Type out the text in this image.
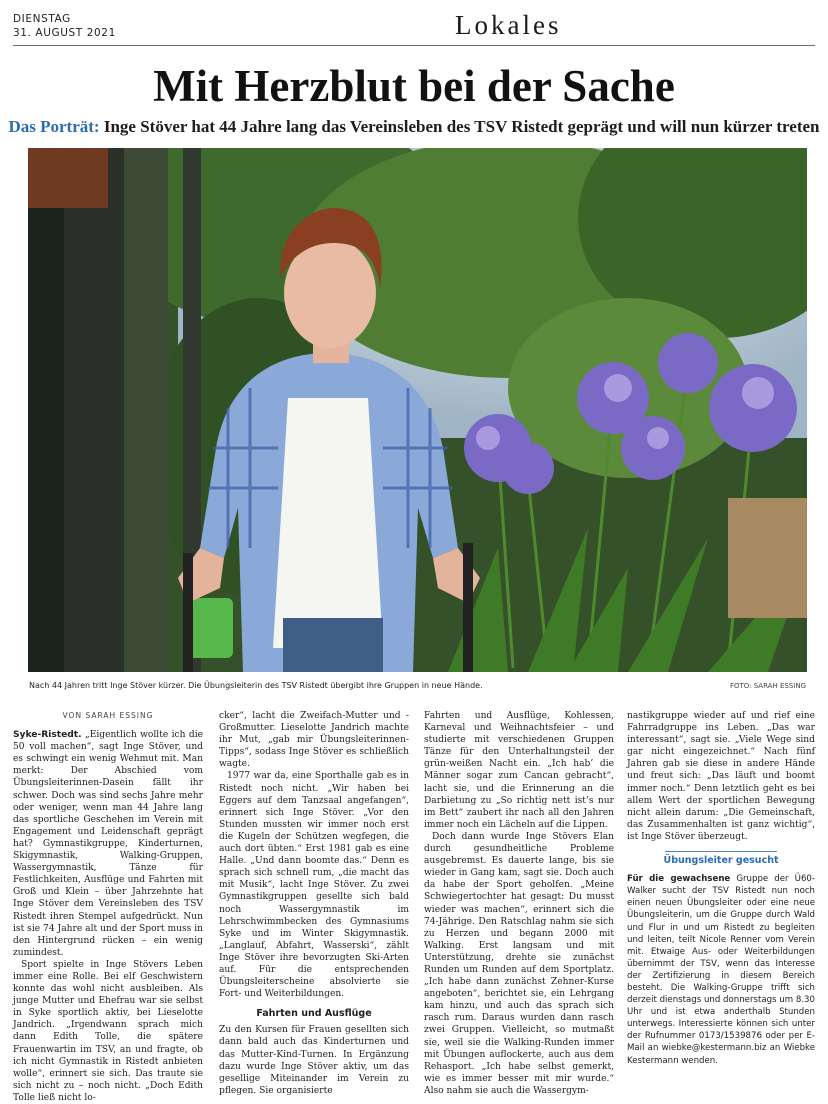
DIENSTAG
31. AUGUST 2021	Lokales
Mit Herzblut bei der Sache
Das Porträt: Inge Stöver hat 44 Jahre lang das Vereinsleben des TSV Ristedt geprägt und will nun kürzer treten
Nach 44 Jahren tritt Inge Stöver kürzer. Die Übungsleiterin des TSV Ristedt übergibt ihre Gruppen in neue Hände.	FOTO: SARAH ESSING

VON SARAH ESSING

Syke-Ristedt. „Eigentlich wollte ich die 50 voll machen“, sagt Inge Stöver, und es schwingt ein wenig Wehmut mit. Man merkt: Der Abschied vom Übungsleiterinnen-Dasein fällt ihr schwer. Doch was sind sechs Jahre mehr oder weniger, wenn man 44 Jahre lang das sportliche Geschehen im Verein mit Engagement und Leidenschaft geprägt hat? Gymnastikgruppe, Kinderturnen, Skigymnastik, Walking-Gruppen, Wassergymnastik, Tänze für Festlichkeiten, Ausflüge und Fahrten mit Groß und Klein – über Jahrzehnte hat Inge Stöver dem Vereinsleben des TSV Ristedt ihren Stempel aufgedrückt. Nun ist sie 74 Jahre alt und der Sport muss in den Hintergrund rücken – ein wenig zumindest.

Sport spielte in Inge Stövers Leben immer eine Rolle. Bei elf Geschwistern konnte das wohl nicht ausbleiben. Als junge Mutter und Ehefrau war sie selbst in Syke sportlich aktiv, bei Lieselotte Jandrich. „Irgendwann sprach mich dann Edith Tolle, die spätere Frauenwartin im TSV, an und fragte, ob ich nicht Gymnastik in Ristedt anbieten wolle“, erinnert sie sich. Das traute sie sich nicht zu – noch nicht. „Doch Edith Tolle ließ nicht lo-

cker“, lacht die Zweifach-Mutter und -Großmutter. Lieselotte Jandrich machte ihr Mut, „gab mir Übungsleiterinnen-Tipps“, sodass Inge Stöver es schließlich wagte.

1977 war da, eine Sporthalle gab es in Ristedt noch nicht. „Wir haben bei Eggers auf dem Tanzsaal angefangen“, erinnert sich Inge Stöver. „Vor den Stunden mussten wir immer noch erst die Kugeln der Schützen wegfegen, die auch dort übten.“ Erst 1981 gab es eine Halle. „Und dann boomte das.“ Denn es sprach sich schnell rum, „die macht das mit Musik“, lacht Inge Stöver. Zu zwei Gymnastikgruppen gesellte sich bald noch Wassergymnastik im Lehrschwimmbecken des Gymnasiums Syke und im Winter Skigymnastik. „Langlauf, Abfahrt, Wasserski“, zählt Inge Stöver ihre bevorzugten Ski-Arten auf. Für die entsprechenden Übungsleiterscheine absolvierte sie Fort- und Weiterbildungen.

Fahrten und Ausflüge

Zu den Kursen für Frauen gesellten sich dann bald auch das Kinderturnen und das Mutter-Kind-Turnen. In Ergänzung dazu wurde Inge Stöver aktiv, um das gesellige Miteinander im Verein zu pflegen. Sie organisierte

Fahrten und Ausflüge, Kohlessen, Karneval und Weihnachtsfeier – und studierte mit verschiedenen Gruppen Tänze für den Unterhaltungsteil der grün-weißen Nacht ein. „Ich hab’ die Männer sogar zum Cancan gebracht“, lacht sie, und die Erinnerung an die Darbietung zu „So richtig nett ist’s nur im Bett“ zaubert ihr nach all den Jahren immer noch ein Lächeln auf die Lippen.

Doch dann wurde Inge Stövers Elan durch gesundheitliche Probleme ausgebremst. Es dauerte lange, bis sie wieder in Gang kam, sagt sie. Doch auch da habe der Sport geholfen. „Meine Schwiegertochter hat gesagt: Du musst wieder was machen“, erinnert sich die 74-Jährige. Den Ratschlag nahm sie sich zu Herzen und begann 2000 mit Walking. Erst langsam und mit Unterstützung, drehte sie zunächst Runden um Runden auf dem Sportplatz. „Ich habe dann zunächst Zehner-Kurse angeboten“, berichtet sie, ein Lehrgang kam hinzu, und auch das sprach sich rasch rum. Daraus wurden dann rasch zwei Gruppen. Vielleicht, so mutmaßt sie, weil sie die Walking-Runden immer mit Übungen auflockerte, auch aus dem Rehasport. „Ich habe selbst gemerkt, wie es immer besser mit mir wurde.“ Also nahm sie auch die Wassergym-

nastikgruppe wieder auf und rief eine Fahrradgruppe ins Leben. „Das war interessant“, sagt sie. „Viele Wege sind gar nicht eingezeichnet.“ Nach fünf Jahren gab sie diese in andere Hände und freut sich: „Das läuft und boomt immer noch.“ Denn letztlich geht es bei allem Wert der sportlichen Bewegung nicht allein darum: „Die Gemeinschaft, das Zusammenhalten ist ganz wichtig“, ist Inge Stöver überzeugt.

Übungsleiter gesucht

Für die gewachsene Gruppe der Ü60-Walker sucht der TSV Ristedt nun noch einen neuen Übungsleiter oder eine neue Übungsleiterin, um die Gruppe durch Wald und Flur in und um Ristedt zu begleiten und leiten, teilt Nicole Renner vom Verein mit. Etwaige Aus- oder Weiterbildungen übernimmt der TSV, wenn das Interesse der Zertifizierung in diesem Bereich besteht. Die Walking-Gruppe trifft sich derzeit dienstags und donnerstags um 8.30 Uhr und ist etwa anderthalb Stunden unterwegs. Interessierte können sich unter der Rufnummer 0173/1539876 oder per E-Mail an wiebke@kestermann.biz an Wiebke Kestermann wenden.
